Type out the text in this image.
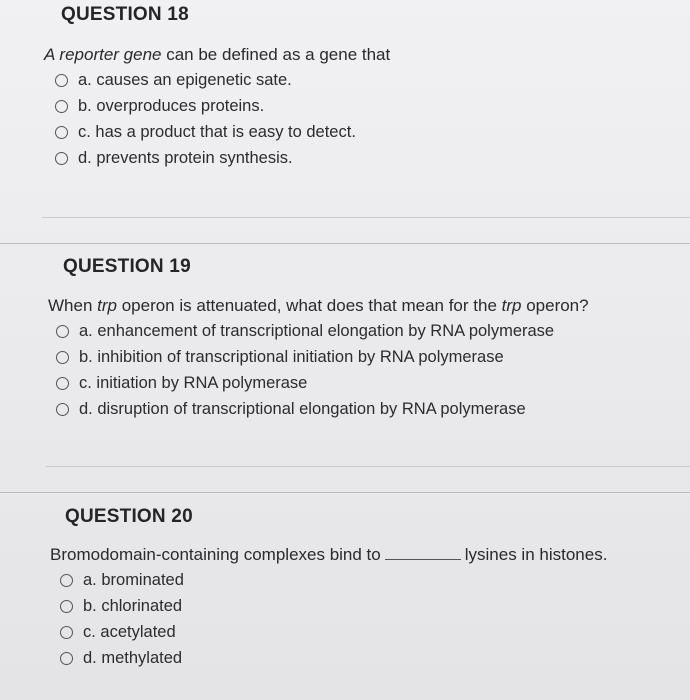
QUESTION 18
A reporter gene can be defined as a gene that
a. causes an epigenetic sate.
b. overproduces proteins.
c. has a product that is easy to detect.
d. prevents protein synthesis.
QUESTION 19
When trp operon is attenuated, what does that mean for the trp operon?
a. enhancement of transcriptional elongation by RNA polymerase
b. inhibition of transcriptional initiation by RNA polymerase
c. initiation by RNA polymerase
d. disruption of transcriptional elongation by RNA polymerase
QUESTION 20
Bromodomain-containing complexes bind to	lysines in histones.
a. brominated
b. chlorinated
c. acetylated
d. methylated
